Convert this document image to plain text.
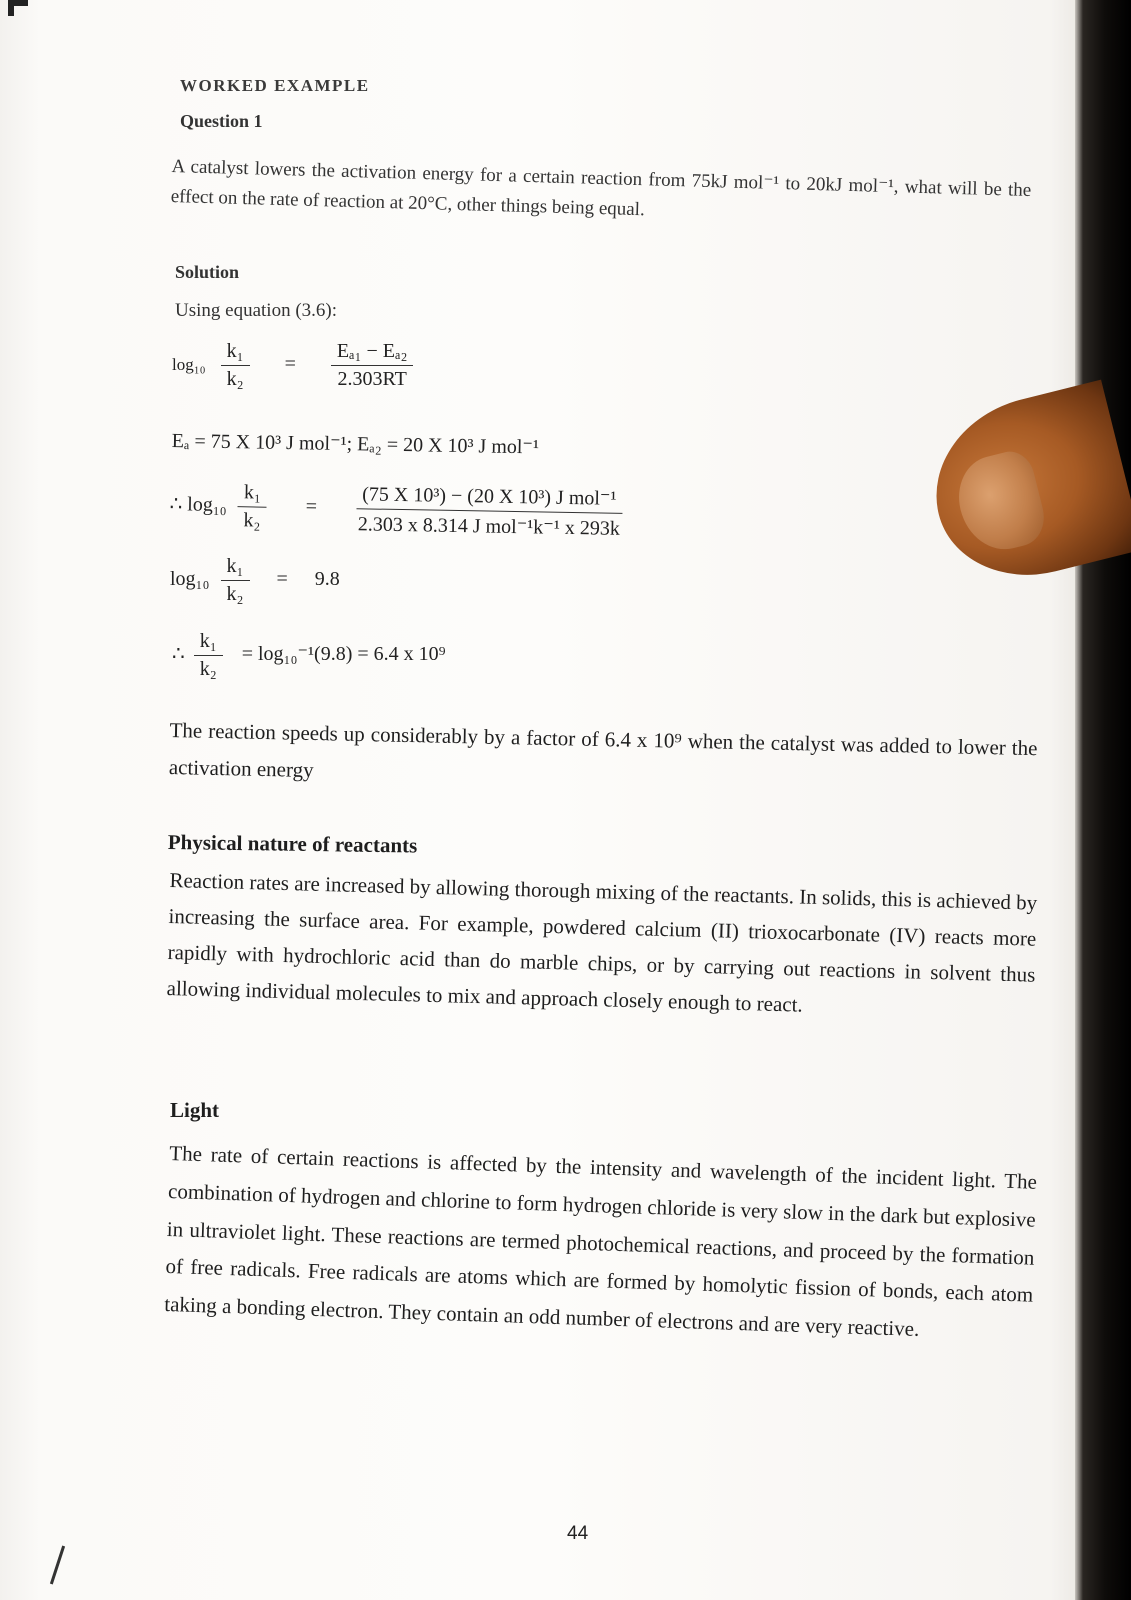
WORKED EXAMPLE
Question 1
A catalyst lowers the activation energy for a certain reaction from 75kJ mol⁻¹ to 20kJ mol⁻¹, what will be the effect on the rate of reaction at 20°C, other things being equal.
Solution
Using equation (3.6):
$\log_{10} \frac{\text{k₁}}{\text{k₂}} = \frac{\text{Eₐ₁ − Eₐ₂}}{2.303RT}$
Eₐ = 75 X 10³ J mol⁻¹; Eₐ₂ = 20 X 10³ J mol⁻¹
∴ $\log_{10} \frac{\text{k₁}}{\text{k₂}} = \frac{\text{(75 X 10³) − (20 X 10³) J mol⁻¹}}{\text{2.303 x 8.314 J mol⁻¹k⁻¹ x 293k}}$
$\log_{10} \frac{\text{k₁}}{\text{k₂}} = 9.8$
∴ $\frac{\text{k₁}}{\text{k₂}} = \log_{10}^{-1}(9.8) = 6.4$ x 10⁹
The reaction speeds up considerably by a factor of 6.4 x 10⁹ when the catalyst was added to lower the activation energy
Physical nature of reactants
Reaction rates are increased by allowing thorough mixing of the reactants. In solids, this is achieved by increasing the surface area. For example, powdered calcium (II) trioxocarbonate (IV) reacts more rapidly with hydrochloric acid than do marble chips, or by carrying out reactions in solvent thus allowing individual molecules to mix and approach closely enough to react.
Light
The rate of certain reactions is affected by the intensity and wavelength of the incident light. The combination of hydrogen and chlorine to form hydrogen chloride is very slow in the dark but explosive in ultraviolet light. These reactions are termed photochemical reactions, and proceed by the formation of free radicals. Free radicals are atoms which are formed by homolytic fission of bonds, each atom taking a bonding electron. They contain an odd number of electrons and are very reactive.
44
